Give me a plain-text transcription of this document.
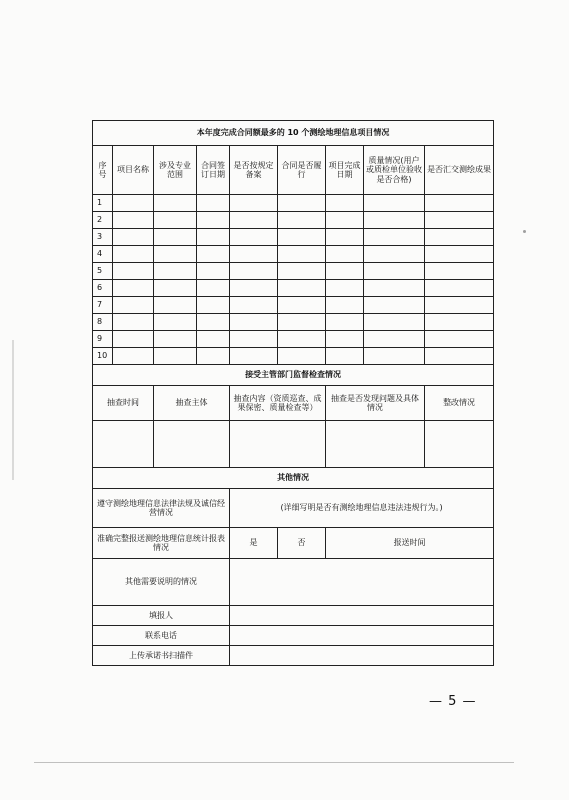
本年度完成合同额最多的 10 个测绘地理信息项目情况								
序号	项目名称	涉及专业范围	合同签订日期	是否按规定备案	合同是否履行	项目完成日期	质量情况(用户或质检单位验收是否合格)	是否汇交测绘成果
1								
2								
3								
4								
5								
6								
7								
8								
9								
10								
接受主管部门监督检查情况								
抽查时间		抽查主体		抽查内容（资质巡查、成果保密、质量检查等）		抽查是否发现问题及具体情况		整改情况

其他情况								
遵守测绘地理信息法律法规及诚信经营情况				(详细写明是否有测绘地理信息违法违规行为。)				
准确完整报送测绘地理信息统计报表情况				是	否	报送时间		
其他需要说明的情况								
填报人								
联系电话								
上传承诺书扫描件								
— 5 —
